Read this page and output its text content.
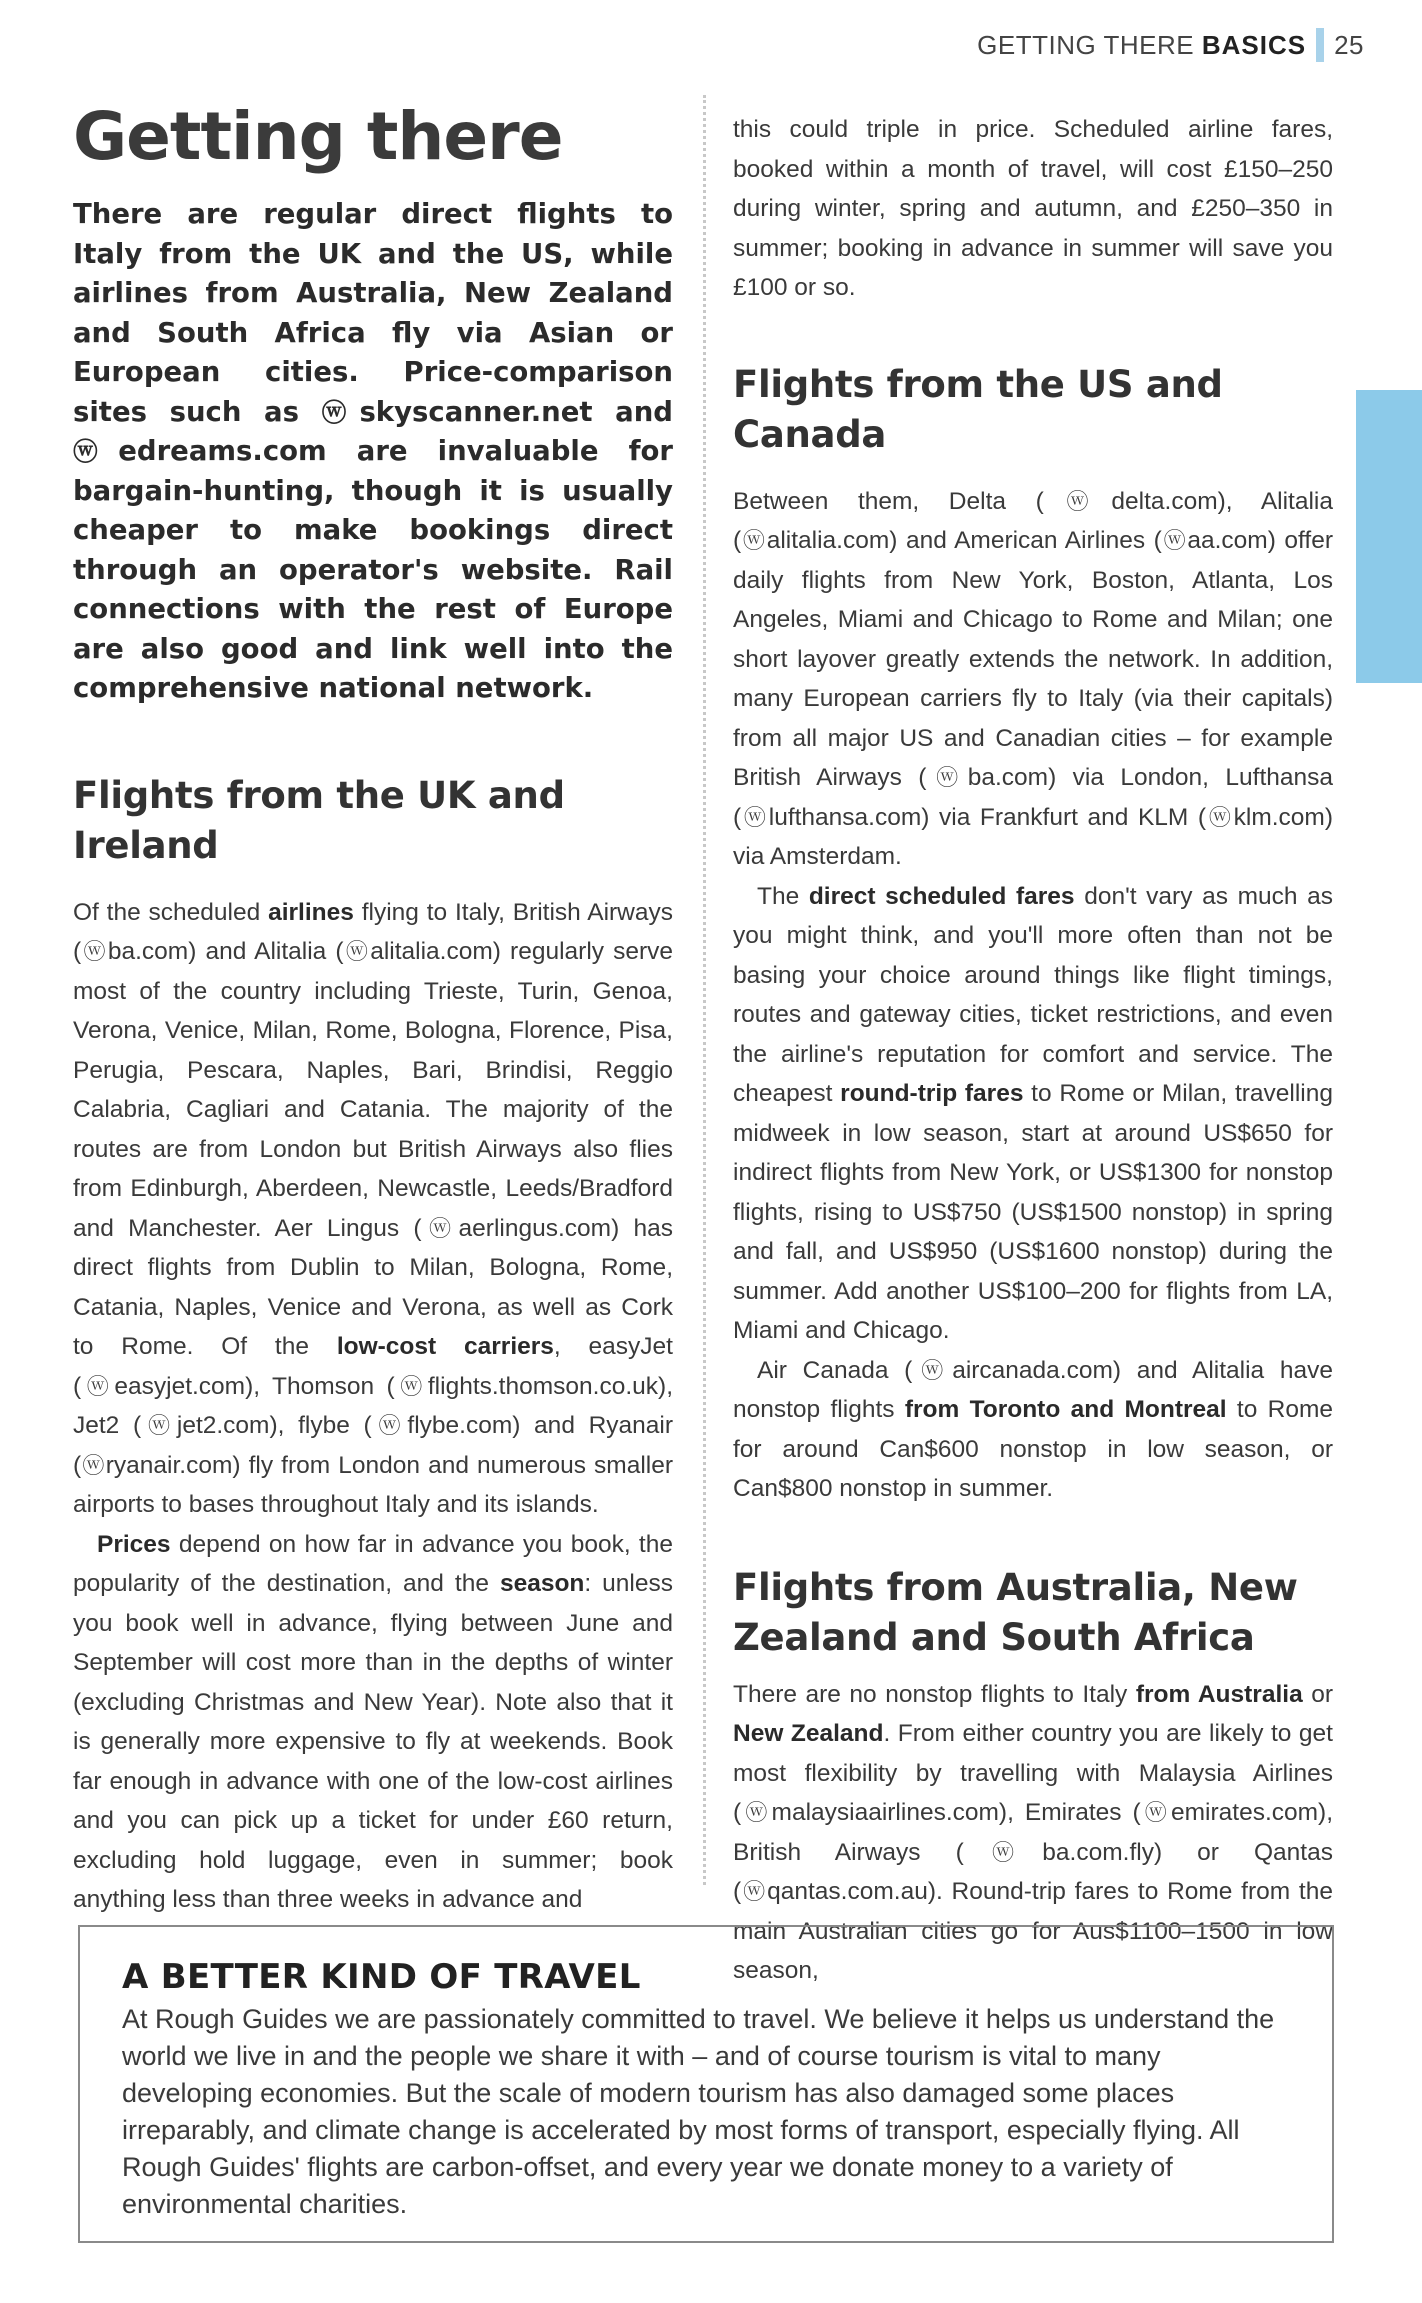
GETTING THERE BASICS 25
Getting there

There are regular direct flights to Italy from the UK and the US, while airlines from Australia, New Zealand and South Africa fly via Asian or European cities. Price-comparison sites such as ⓦskyscanner.net and ⓦedreams.com are invaluable for bargain-hunting, though it is usually cheaper to make bookings direct through an operator's website. Rail connections with the rest of Europe are also good and link well into the comprehensive national network.

Flights from the UK and Ireland

Of the scheduled airlines flying to Italy, British Airways (ⓦba.com) and Alitalia (ⓦalitalia.com) regularly serve most of the country including Trieste, Turin, Genoa, Verona, Venice, Milan, Rome, Bologna, Florence, Pisa, Perugia, Pescara, Naples, Bari, Brindisi, Reggio Calabria, Cagliari and Catania. The majority of the routes are from London but British Airways also flies from Edinburgh, Aberdeen, Newcastle, Leeds/Bradford and Manchester. Aer Lingus (ⓦaerlingus.com) has direct flights from Dublin to Milan, Bologna, Rome, Catania, Naples, Venice and Verona, as well as Cork to Rome. Of the low-cost carriers, easyJet (ⓦeasyjet.com), Thomson (ⓦflights.thomson.co.uk), Jet2 (ⓦjet2.com), flybe (ⓦflybe.com) and Ryanair (ⓦryanair.com) fly from London and numerous smaller airports to bases throughout Italy and its islands.

Prices depend on how far in advance you book, the popularity of the destination, and the season: unless you book well in advance, flying between June and September will cost more than in the depths of winter (excluding Christmas and New Year). Note also that it is generally more expensive to fly at weekends. Book far enough in advance with one of the low-cost airlines and you can pick up a ticket for under £60 return, excluding hold luggage, even in summer; book anything less than three weeks in advance and

this could triple in price. Scheduled airline fares, booked within a month of travel, will cost £150–250 during winter, spring and autumn, and £250–350 in summer; booking in advance in summer will save you £100 or so.

Flights from the US and Canada

Between them, Delta (ⓦdelta.com), Alitalia (ⓦalitalia.com) and American Airlines (ⓦaa.com) offer daily flights from New York, Boston, Atlanta, Los Angeles, Miami and Chicago to Rome and Milan; one short layover greatly extends the network. In addition, many European carriers fly to Italy (via their capitals) from all major US and Canadian cities – for example British Airways (ⓦba.com) via London, Lufthansa (ⓦlufthansa.com) via Frankfurt and KLM (ⓦklm.com) via Amsterdam.

The direct scheduled fares don't vary as much as you might think, and you'll more often than not be basing your choice around things like flight timings, routes and gateway cities, ticket restrictions, and even the airline's reputation for comfort and service. The cheapest round-trip fares to Rome or Milan, travelling midweek in low season, start at around US$650 for indirect flights from New York, or US$1300 for nonstop flights, rising to US$750 (US$1500 nonstop) in spring and fall, and US$950 (US$1600 nonstop) during the summer. Add another US$100–200 for flights from LA, Miami and Chicago.

Air Canada (ⓦaircanada.com) and Alitalia have nonstop flights from Toronto and Montreal to Rome for around Can$600 nonstop in low season, or Can$800 nonstop in summer.

Flights from Australia, New Zealand and South Africa

There are no nonstop flights to Italy from Australia or New Zealand. From either country you are likely to get most flexibility by travelling with Malaysia Airlines (ⓦmalaysiaairlines.com), Emirates (ⓦemirates.com), British Airways (ⓦba.com.fly) or Qantas (ⓦqantas.com.au). Round-trip fares to Rome from the main Australian cities go for Aus$1100–1500 in low season,

A BETTER KIND OF TRAVEL

At Rough Guides we are passionately committed to travel. We believe it helps us understand the world we live in and the people we share it with – and of course tourism is vital to many developing economies. But the scale of modern tourism has also damaged some places irreparably, and climate change is accelerated by most forms of transport, especially flying. All Rough Guides' flights are carbon-offset, and every year we donate money to a variety of environmental charities.
